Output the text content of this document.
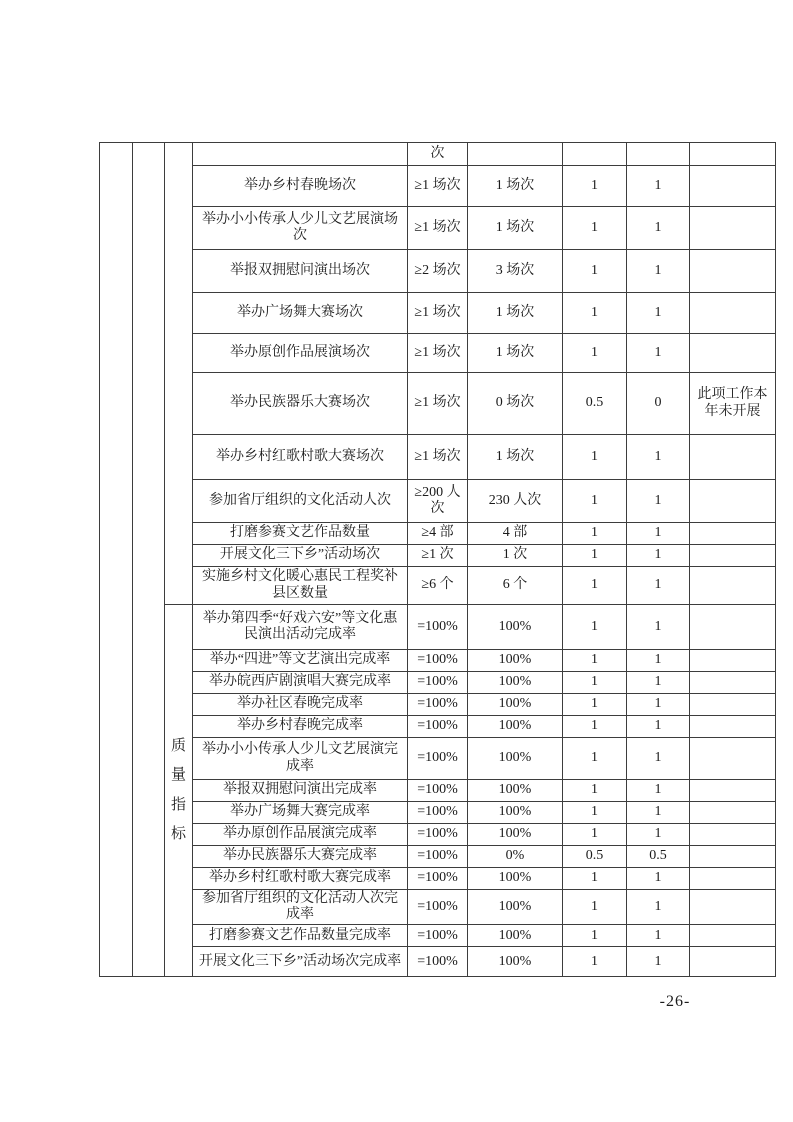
				次				
			举办乡村春晚场次	≥1 场次	1 场次	1	1	
			举办小小传承人少儿文艺展演场次	≥1 场次	1 场次	1	1	
			举报双拥慰问演出场次	≥2 场次	3 场次	1	1	
			举办广场舞大赛场次	≥1 场次	1 场次	1	1	
			举办原创作品展演场次	≥1 场次	1 场次	1	1	
			举办民族器乐大赛场次	≥1 场次	0 场次	0.5	0	此项工作本年未开展
			举办乡村红歌村歌大赛场次	≥1 场次	1 场次	1	1	
			参加省厅组织的文化活动人次	≥200 人次	230 人次	1	1	
			打磨参赛文艺作品数量	≥4 部	4 部	1	1	
			开展文化三下乡”活动场次	≥1 次	1 次	1	1	
			实施乡村文化暖心惠民工程奖补县区数量	≥6 个	6 个	1	1	
		质量指标	举办第四季“好戏六安”等文化惠民演出活动完成率	=100%	100%	1	1	
			举办“四进”等文艺演出完成率	=100%	100%	1	1	
			举办皖西庐剧演唱大赛完成率	=100%	100%	1	1	
			举办社区春晚完成率	=100%	100%	1	1	
			举办乡村春晚完成率	=100%	100%	1	1	
			举办小小传承人少儿文艺展演完成率	=100%	100%	1	1	
			举报双拥慰问演出完成率	=100%	100%	1	1	
			举办广场舞大赛完成率	=100%	100%	1	1	
			举办原创作品展演完成率	=100%	100%	1	1	
			举办民族器乐大赛完成率	=100%	0%	0.5	0.5	
			举办乡村红歌村歌大赛完成率	=100%	100%	1	1	
			参加省厅组织的文化活动人次完成率	=100%	100%	1	1	
			打磨参赛文艺作品数量完成率	=100%	100%	1	1	
			开展文化三下乡”活动场次完成率	=100%	100%	1	1	
-26-
